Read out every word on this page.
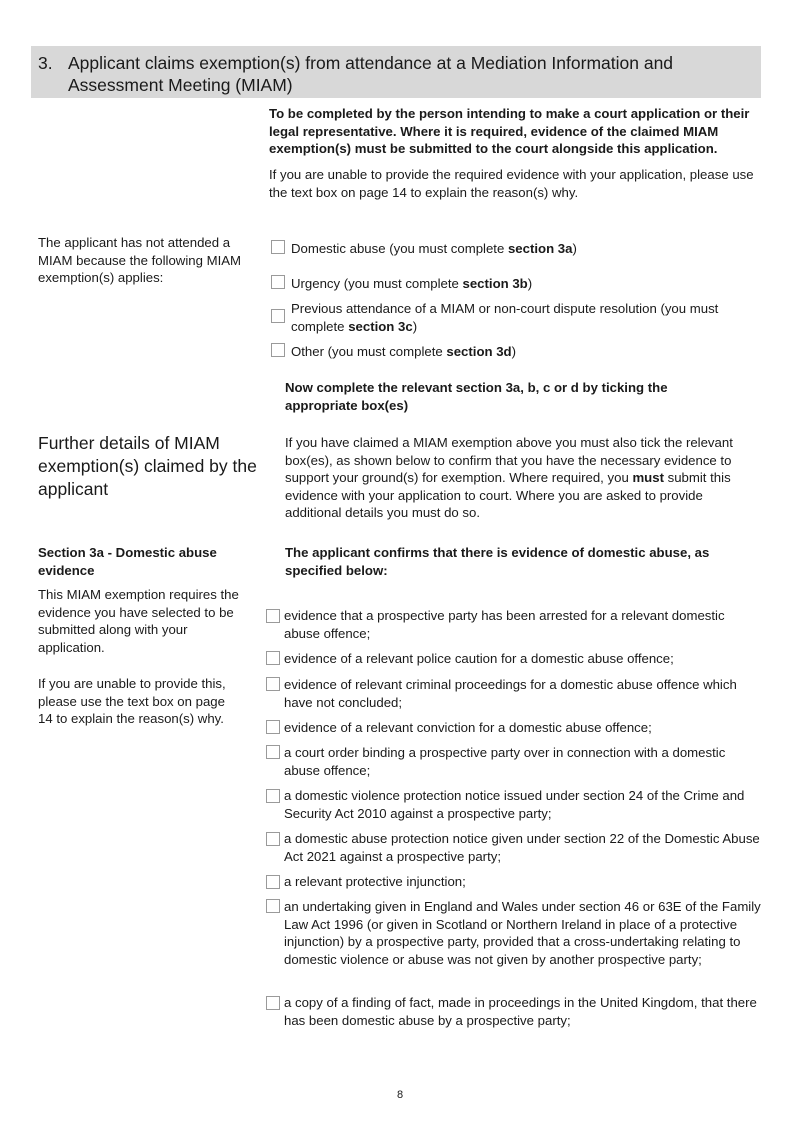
3. Applicant claims exemption(s) from attendance at a Mediation Information and Assessment Meeting (MIAM)
To be completed by the person intending to make a court application or their legal representative. Where it is required, evidence of the claimed MIAM exemption(s) must be submitted to the court alongside this application.
If you are unable to provide the required evidence with your application, please use the text box on page 14 to explain the reason(s) why.
The applicant has not attended a MIAM because the following MIAM exemption(s) applies:
Domestic abuse (you must complete section 3a)
Urgency (you must complete section 3b)
Previous attendance of a MIAM or non-court dispute resolution (you must complete section 3c)
Other (you must complete section 3d)
Now complete the relevant section 3a, b, c or d by ticking the appropriate box(es)
Further details of MIAM exemption(s) claimed by the applicant
If you have claimed a MIAM exemption above you must also tick the relevant box(es), as shown below to confirm that you have the necessary evidence to support your ground(s) for exemption. Where required, you must submit this evidence with your application to court. Where you are asked to provide additional details you must do so.
Section 3a - Domestic abuse evidence
This MIAM exemption requires the evidence you have selected to be submitted along with your application.
If you are unable to provide this, please use the text box on page 14 to explain the reason(s) why.
The applicant confirms that there is evidence of domestic abuse, as specified below:
evidence that a prospective party has been arrested for a relevant domestic abuse offence;
evidence of a relevant police caution for a domestic abuse offence;
evidence of relevant criminal proceedings for a domestic abuse offence which have not concluded;
evidence of a relevant conviction for a domestic abuse offence;
a court order binding a prospective party over in connection with a domestic abuse offence;
a domestic violence protection notice issued under section 24 of the Crime and Security Act 2010 against a prospective party;
a domestic abuse protection notice given under section 22 of the Domestic Abuse Act 2021 against a prospective party;
a relevant protective injunction;
an undertaking given in England and Wales under section 46 or 63E of the Family Law Act 1996 (or given in Scotland or Northern Ireland in place of a protective injunction) by a prospective party, provided that a cross-undertaking relating to domestic violence or abuse was not given by another prospective party;
a copy of a finding of fact, made in proceedings in the United Kingdom, that there has been domestic abuse by a prospective party;
8
